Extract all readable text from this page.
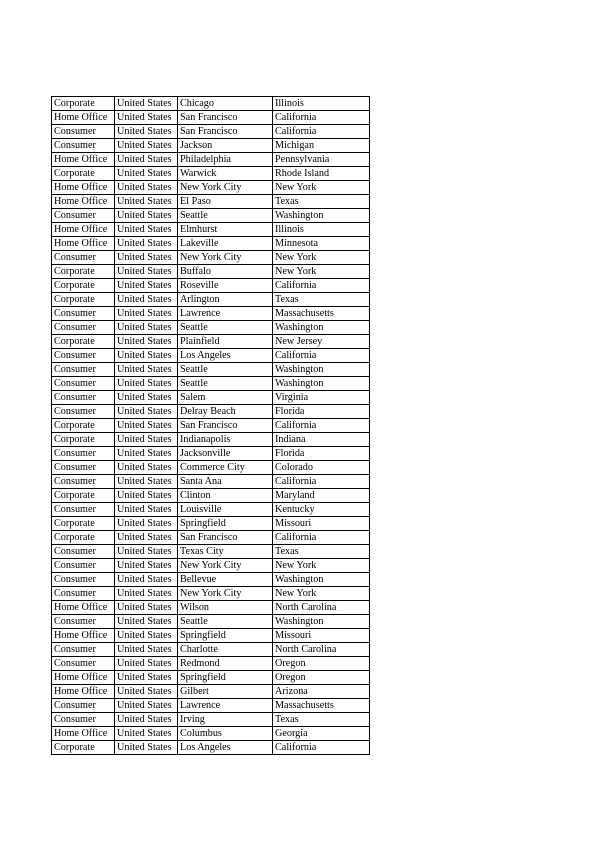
Corporate	United States	Chicago	Illinois
Home Office	United States	San Francisco	California
Consumer	United States	San Francisco	California
Consumer	United States	Jackson	Michigan
Home Office	United States	Philadelphia	Pennsylvania
Corporate	United States	Warwick	Rhode Island
Home Office	United States	New York City	New York
Home Office	United States	El Paso	Texas
Consumer	United States	Seattle	Washington
Home Office	United States	Elmhurst	Illinois
Home Office	United States	Lakeville	Minnesota
Consumer	United States	New York City	New York
Corporate	United States	Buffalo	New York
Corporate	United States	Roseville	California
Corporate	United States	Arlington	Texas
Consumer	United States	Lawrence	Massachusetts
Consumer	United States	Seattle	Washington
Corporate	United States	Plainfield	New Jersey
Consumer	United States	Los Angeles	California
Consumer	United States	Seattle	Washington
Consumer	United States	Seattle	Washington
Consumer	United States	Salem	Virginia
Consumer	United States	Delray Beach	Florida
Corporate	United States	San Francisco	California
Corporate	United States	Indianapolis	Indiana
Consumer	United States	Jacksonville	Florida
Consumer	United States	Commerce City	Colorado
Consumer	United States	Santa Ana	California
Corporate	United States	Clinton	Maryland
Consumer	United States	Louisville	Kentucky
Corporate	United States	Springfield	Missouri
Corporate	United States	San Francisco	California
Consumer	United States	Texas City	Texas
Consumer	United States	New York City	New York
Consumer	United States	Bellevue	Washington
Consumer	United States	New York City	New York
Home Office	United States	Wilson	North Carolina
Consumer	United States	Seattle	Washington
Home Office	United States	Springfield	Missouri
Consumer	United States	Charlotte	North Carolina
Consumer	United States	Redmond	Oregon
Home Office	United States	Springfield	Oregon
Home Office	United States	Gilbert	Arizona
Consumer	United States	Lawrence	Massachusetts
Consumer	United States	Irving	Texas
Home Office	United States	Columbus	Georgia
Corporate	United States	Los Angeles	California
